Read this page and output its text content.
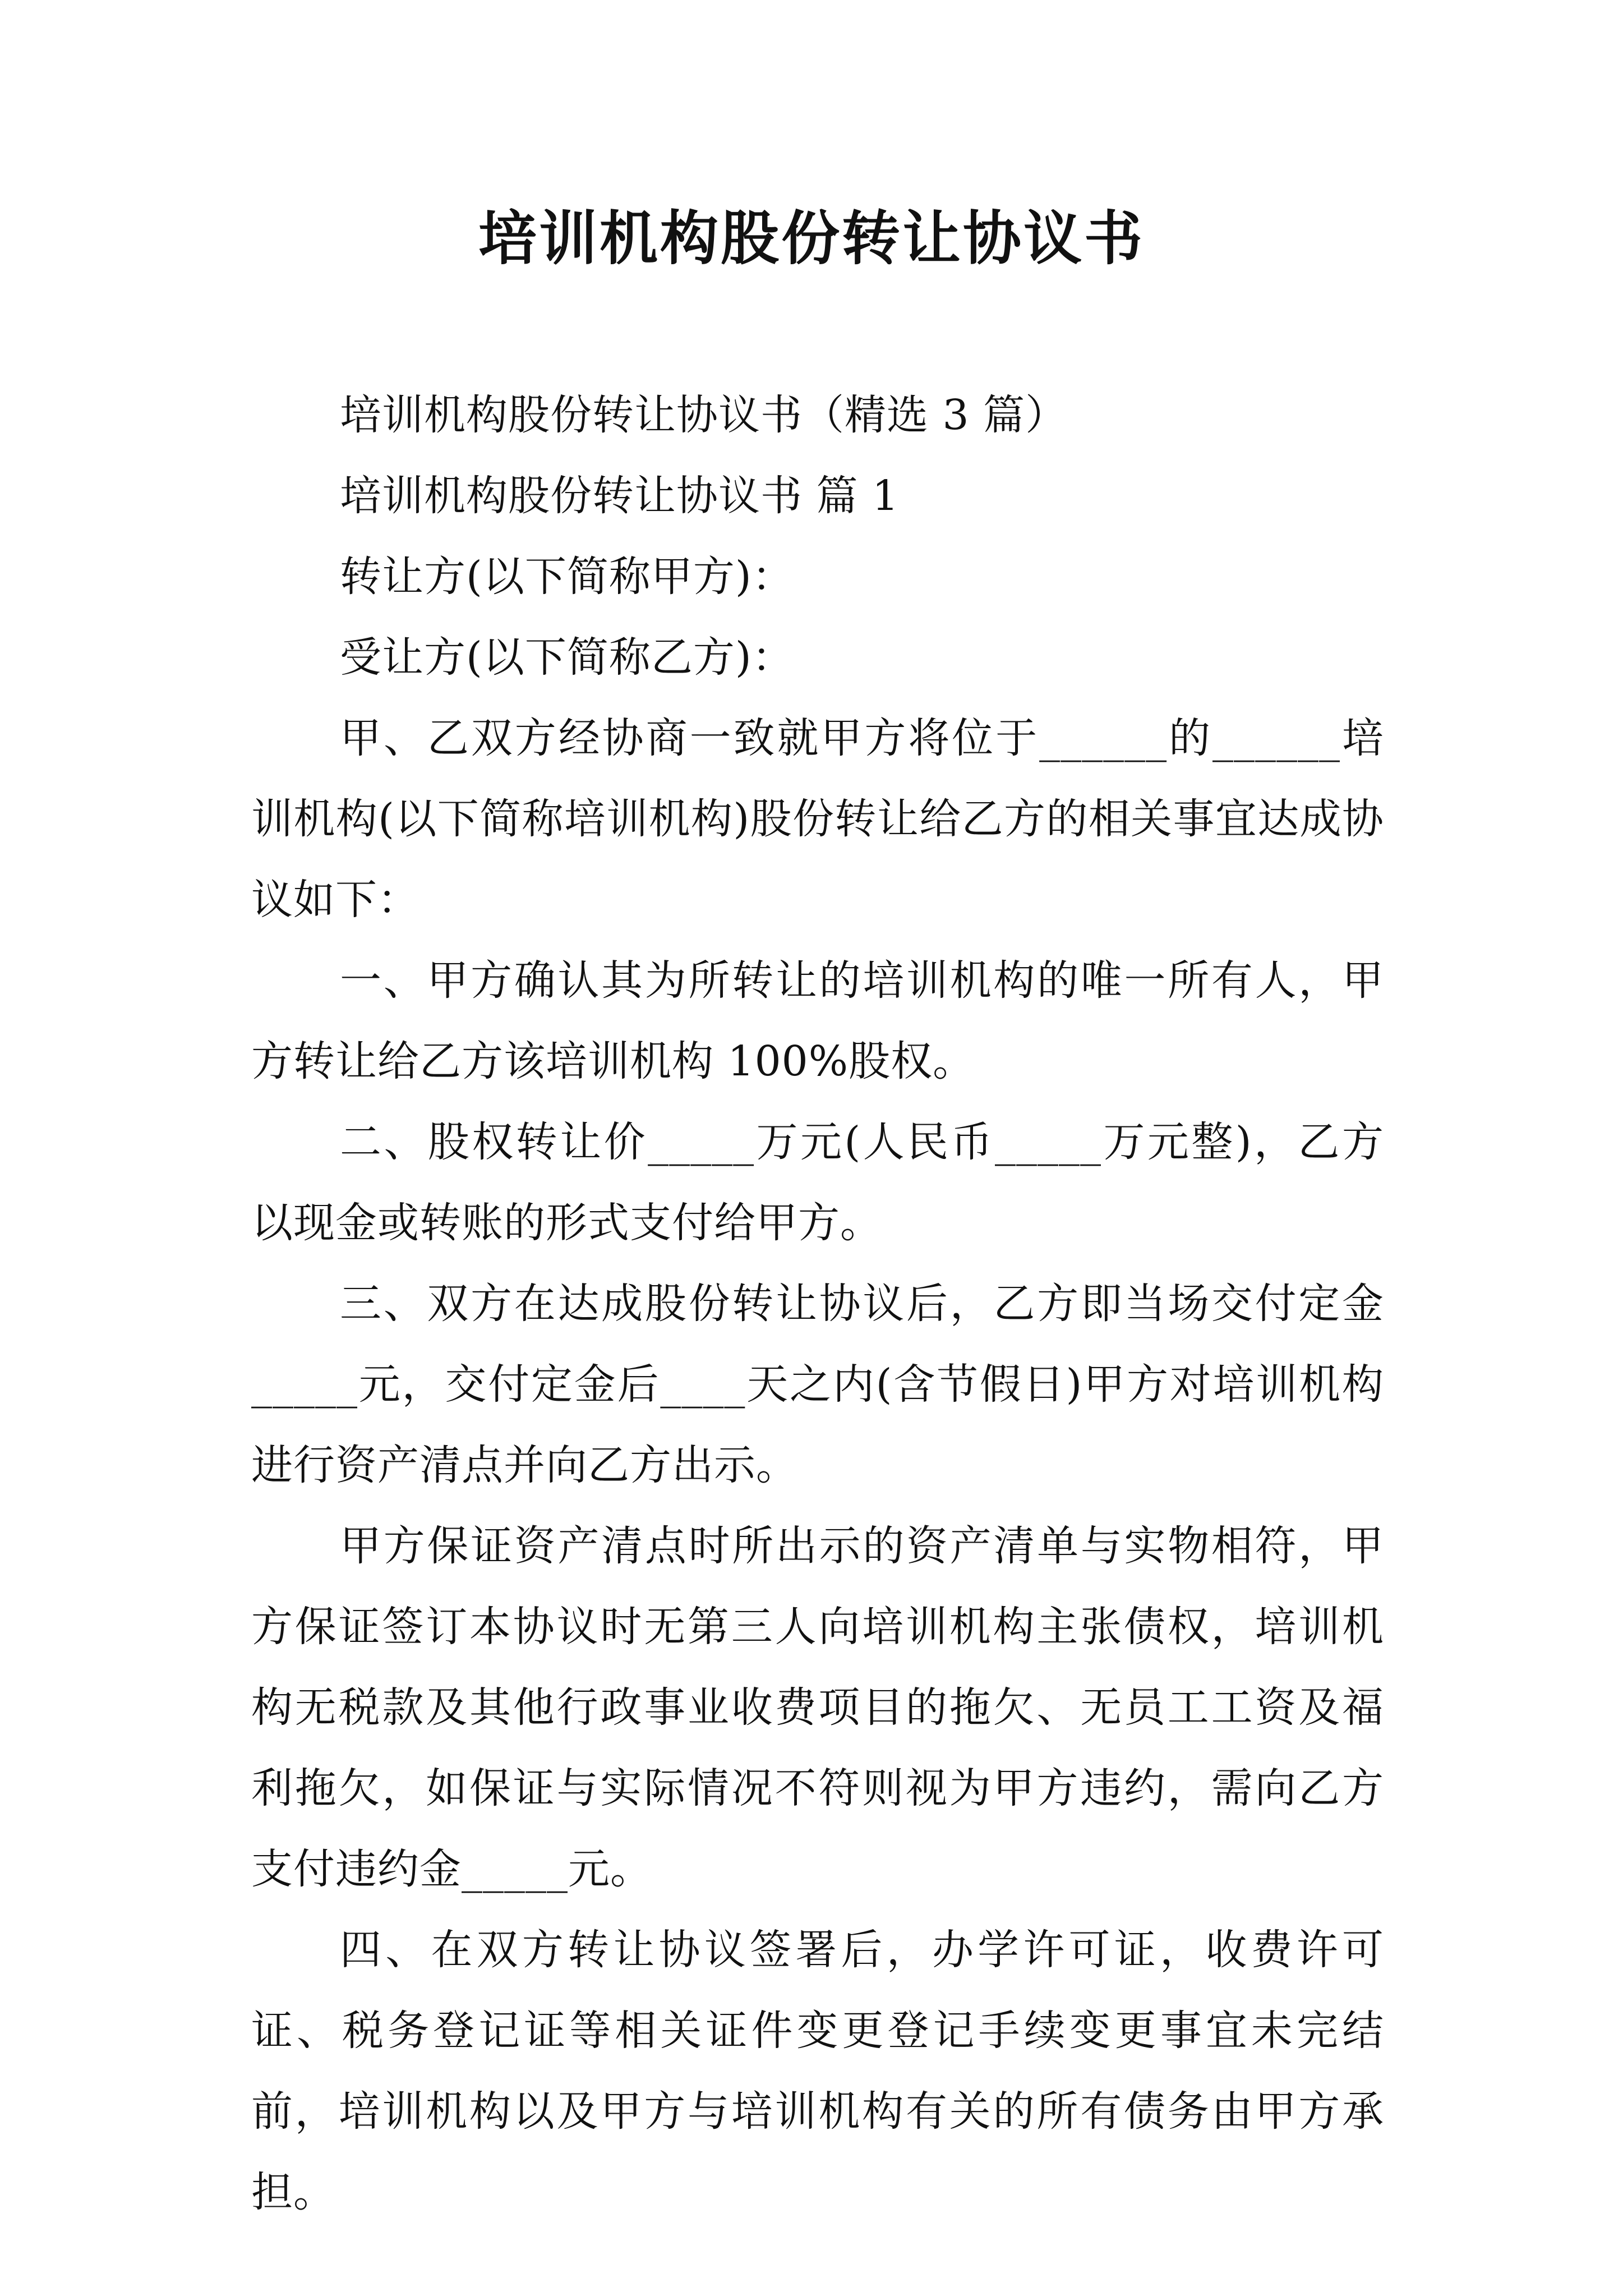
培训机构股份转让协议书

培训机构股份转让协议书（精选 3 篇）

培训机构股份转让协议书 篇 1

转让方(以下简称甲方)：

受让方(以下简称乙方)：

甲、乙双方经协商一致就甲方将位于______的______培训机构(以下简称培训机构)股份转让给乙方的相关事宜达成协议如下：

一、甲方确认其为所转让的培训机构的唯一所有人，甲方转让给乙方该培训机构 100%股权。

二、股权转让价_____万元(人民币_____万元整)，乙方以现金或转账的形式支付给甲方。

三、双方在达成股份转让协议后，乙方即当场交付定金_____元，交付定金后____天之内(含节假日)甲方对培训机构进行资产清点并向乙方出示。

甲方保证资产清点时所出示的资产清单与实物相符，甲方保证签订本协议时无第三人向培训机构主张债权，培训机构无税款及其他行政事业收费项目的拖欠、无员工工资及福利拖欠，如保证与实际情况不符则视为甲方违约，需向乙方支付违约金_____元。

四、在双方转让协议签署后，办学许可证，收费许可证、税务登记证等相关证件变更登记手续变更事宜未完结前，培训机构以及甲方与培训机构有关的所有债务由甲方承担。
